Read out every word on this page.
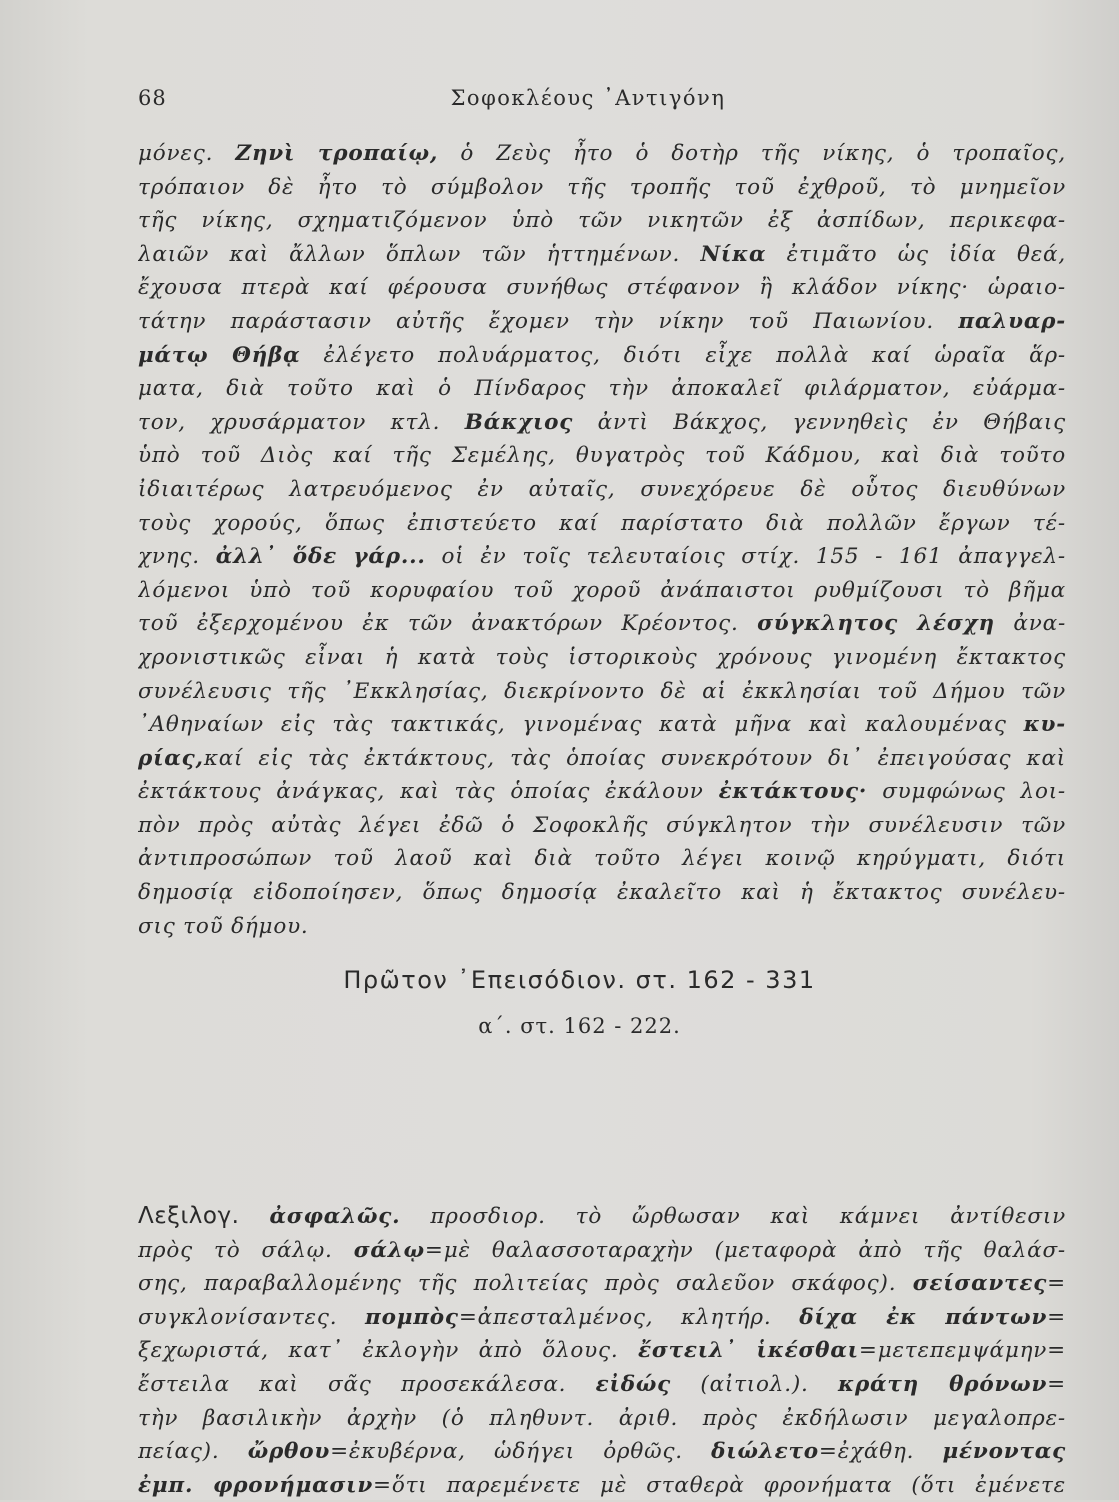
68	Σοφοκλέους ᾿Αντιγόνη
μόνες. Ζηνὶ τροπαίῳ, ὁ Ζεὺς ἦτο ὁ δοτὴρ τῆς νίκης, ὁ τροπαῖος,
τρόπαιον δὲ ἦτο τὸ σύμβολον τῆς τροπῆς τοῦ ἐχθροῦ, τὸ μνημεῖον
τῆς νίκης, σχηματιζόμενον ὑπὸ τῶν νικητῶν ἐξ ἀσπίδων, περικεφα-
λαιῶν καὶ ἄλλων ὅπλων τῶν ἡττημένων. Νίκα ἐτιμᾶτο ὡς ἰδία θεά,
ἔχουσα πτερὰ καί φέρουσα συνήθως στέφανον ἢ κλάδον νίκης· ὡραιο-
τάτην παράστασιν αὐτῆς ἔχομεν τὴν νίκην τοῦ Παιωνίου. παλυαρ-
μάτῳ Θήβᾳ ἐλέγετο πολυάρματος, διότι εἶχε πολλὰ καί ὡραῖα ἅρ-
ματα, διὰ τοῦτο καὶ ὁ Πίνδαρος τὴν ἀποκαλεῖ φιλάρματον, εὐάρμα-
τον, χρυσάρματον κτλ. Βάκχιος ἀντὶ Βάκχος, γεννηθεὶς ἐν Θήβαις
ὑπὸ τοῦ Διὸς καί τῆς Σεμέλης, θυγατρὸς τοῦ Κάδμου, καὶ διὰ τοῦτο
ἰδιαιτέρως λατρευόμενος ἐν αὐταῖς, συνεχόρευε δὲ οὗτος διευθύνων
τοὺς χορούς, ὅπως ἐπιστεύετο καί παρίστατο διὰ πολλῶν ἔργων τέ-
χνης. ἀλλ᾽ ὅδε γάρ... οἱ ἐν τοῖς τελευταίοις στίχ. 155 - 161 ἀπαγγελ-
λόμενοι ὑπὸ τοῦ κορυφαίου τοῦ χοροῦ ἀνάπαιστοι ρυθμίζουσι τὸ βῆμα
τοῦ ἐξερχομένου ἐκ τῶν ἀνακτόρων Κρέοντος. σύγκλητος λέσχη ἀνα-
χρονιστικῶς εἶναι ἡ κατὰ τοὺς ἱστορικοὺς χρόνους γινομένη ἔκτακτος
συνέλευσις τῆς ᾿Εκκλησίας, διεκρίνοντο δὲ αἱ ἐκκλησίαι τοῦ Δήμου τῶν
᾿Αθηναίων εἰς τὰς τακτικάς, γινομένας κατὰ μῆνα καὶ καλουμένας κυ-
ρίας,καί εἰς τὰς ἐκτάκτους, τὰς ὁποίας συνεκρότουν δι᾽ ἐπειγούσας καὶ
ἐκτάκτους ἀνάγκας, καὶ τὰς ὁποίας ἐκάλουν ἐκτάκτους· συμφώνως λοι-
πὸν πρὸς αὐτὰς λέγει ἐδῶ ὁ Σοφοκλῆς σύγκλητον τὴν συνέλευσιν τῶν
ἀντιπροσώπων τοῦ λαοῦ καὶ διὰ τοῦτο λέγει κοινῷ κηρύγματι, διότι
δημοσίᾳ εἰδοποίησεν, ὅπως δημοσίᾳ ἐκαλεῖτο καὶ ἡ ἔκτακτος συνέλευ-
σις τοῦ δήμου.
Πρῶτον ᾿Επεισόδιον. στ. 162 - 331
α΄. στ. 162 - 222.
Λεξιλογ. ἀσφαλῶς. προσδιορ. τὸ ὤρθωσαν καὶ κάμνει ἀντίθεσιν
πρὸς τὸ σάλῳ. σάλῳ=μὲ θαλασσοταραχὴν (μεταφορὰ ἀπὸ τῆς θαλάσ-
σης, παραβαλλομένης τῆς πολιτείας πρὸς σαλεῦον σκάφος). σείσαντες=
συγκλονίσαντες. πομπὸς=ἀπεσταλμένος, κλητήρ. δίχα ἐκ πάντων=
ξεχωριστά, κατ᾽ ἐκλογὴν ἀπὸ ὅλους. ἔστειλ᾽ ἱκέσθαι=μετεπεμψάμην=
ἔστειλα καὶ σᾶς προσεκάλεσα. εἰδώς (αἰτιολ.). κράτη θρόνων=
τὴν βασιλικὴν ἀρχὴν (ὁ πληθυντ. ἀριθ. πρὸς ἐκδήλωσιν μεγαλοπρε-
πείας). ὤρθου=ἐκυβέρνα, ὡδήγει ὀρθῶς. διώλετο=ἐχάθη. μένοντας
ἐμπ. φρονήμασιν=ὅτι παρεμένετε μὲ σταθερὰ φρονήματα (ὅτι ἐμένετε
